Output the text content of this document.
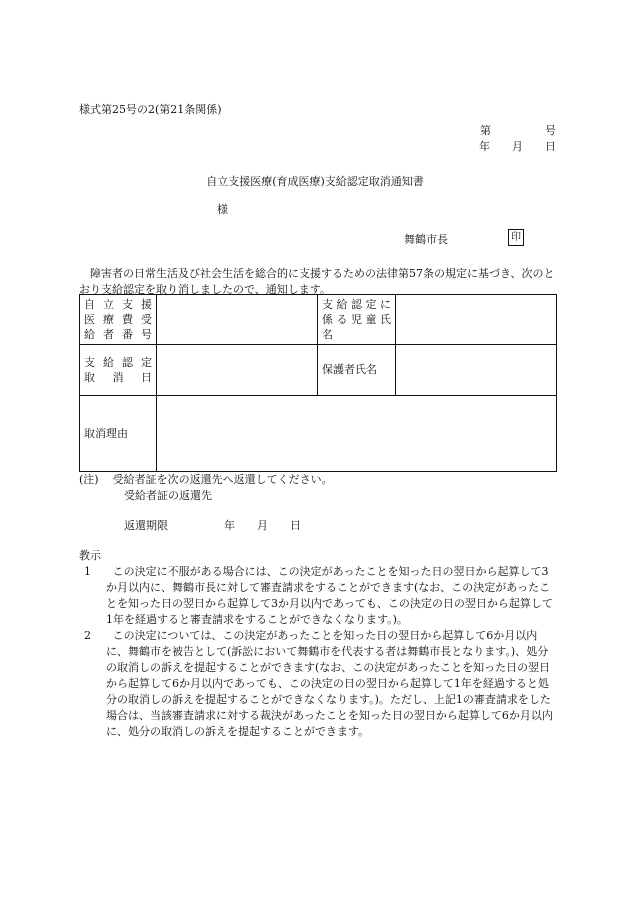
様式第25号の2(第21条関係)
第	号
年 月 日
自立支援医療(育成医療)支給認定取消通知書
様
舞鶴市長	印
障害者の日常生活及び社会生活を総合的に支援するための法律第57条の規定に基づき、次のとおり支給認定を取り消しましたので、通知します。
自立支援
医療費受
給者番号		支給認定に
係る児童氏
名	

支給認定
取消日		保護者氏名	
取消理由			
(注) 受給者証を次の返還先へ返還してください。
受給者証の返還先
返還期限	年 月 日
教示
1	この決定に不服がある場合には、この決定があったことを知った日の翌日から起算して3か月以内に、舞鶴市長に対して審査請求をすることができます(なお、この決定があったことを知った日の翌日から起算して3か月以内であっても、この決定の日の翌日から起算して1年を経過すると審査請求をすることができなくなります。)。
2	この決定については、この決定があったことを知った日の翌日から起算して6か月以内に、舞鶴市を被告として(訴訟において舞鶴市を代表する者は舞鶴市長となります。)、処分の取消しの訴えを提起することができます(なお、この決定があったことを知った日の翌日から起算して6か月以内であっても、この決定の日の翌日から起算して1年を経過すると処分の取消しの訴えを提起することができなくなります。)。ただし、上記1の審査請求をした場合は、当該審査請求に対する裁決があったことを知った日の翌日から起算して6か月以内に、処分の取消しの訴えを提起することができます。
